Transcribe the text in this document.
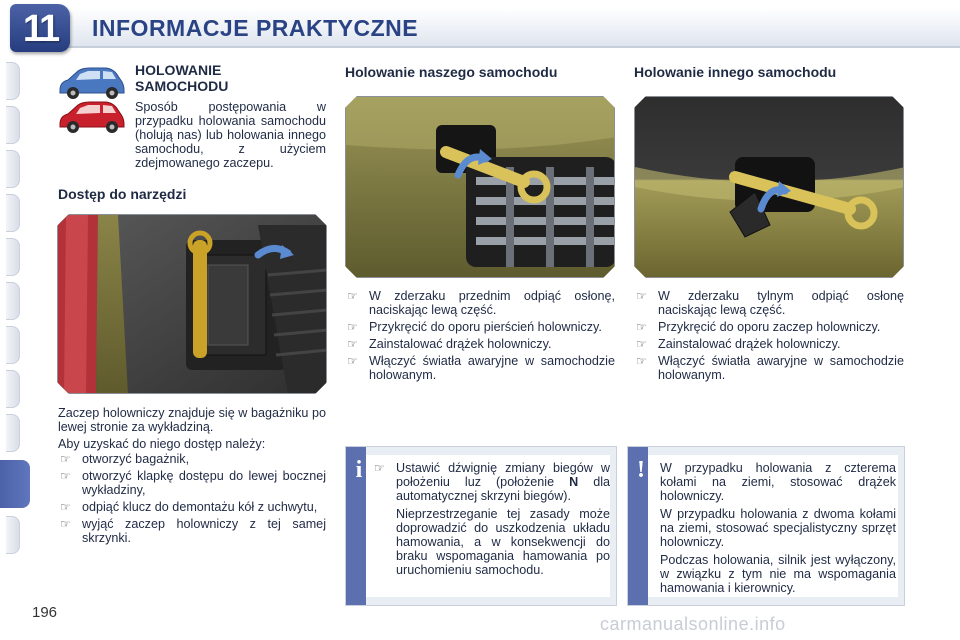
11	INFORMACJE PRAKTYCZNE
196
HOLOWANIE
SAMOCHODU
Sposób postępowania w przypadku holowania samochodu (holują nas) lub holowania innego samochodu, z użyciem zdejmowanego zaczepu.
Dostęp do narzędzi

Zaczep holowniczy znajduje się w bagażniku po lewej stronie za wykładziną.

Aby uzyskać do niego dostęp należy:

☞ otworzyć bagażnik,
☞ otworzyć klapkę dostępu do lewej bocznej wykładziny,
☞ odpiąć klucz do demontażu kół z uchwytu,
☞ wyjąć zaczep holowniczy z tej samej skrzynki.
Holowanie naszego samochodu
☞ W zderzaku przednim odpiąć osłonę, naciskając lewą część.
☞ Przykręcić do oporu pierścień holowniczy.
☞ Zainstalować drążek holowniczy.
☞ Włączyć światła awaryjne w samochodzie holowanym.
Holowanie innego samochodu
☞ W zderzaku tylnym odpiąć osłonę naciskając lewą część.
☞ Przykręcić do oporu zaczep holowniczy.
☞ Zainstalować drążek holowniczy.
☞ Włączyć światła awaryjne w samochodzie holowanym.
i ☞ Ustawić dźwignię zmiany biegów w położeniu luz (położenie N dla automatycznej skrzyni biegów).

Nieprzestrzeganie tej zasady może doprowadzić do uszkodzenia układu hamowania, a w konsekwencji do braku wspomagania hamowania po uruchomieniu samochodu.

!	W przypadku holowania z czterema kołami na ziemi, stosować drążek holowniczy.

W przypadku holowania z dwoma kołami na ziemi, stosować specjalistyczny sprzęt holowniczy.

Podczas holowania, silnik jest wyłączony, w związku z tym nie ma wspomagania hamowania i kierownicy.

carmanualsonline.info
